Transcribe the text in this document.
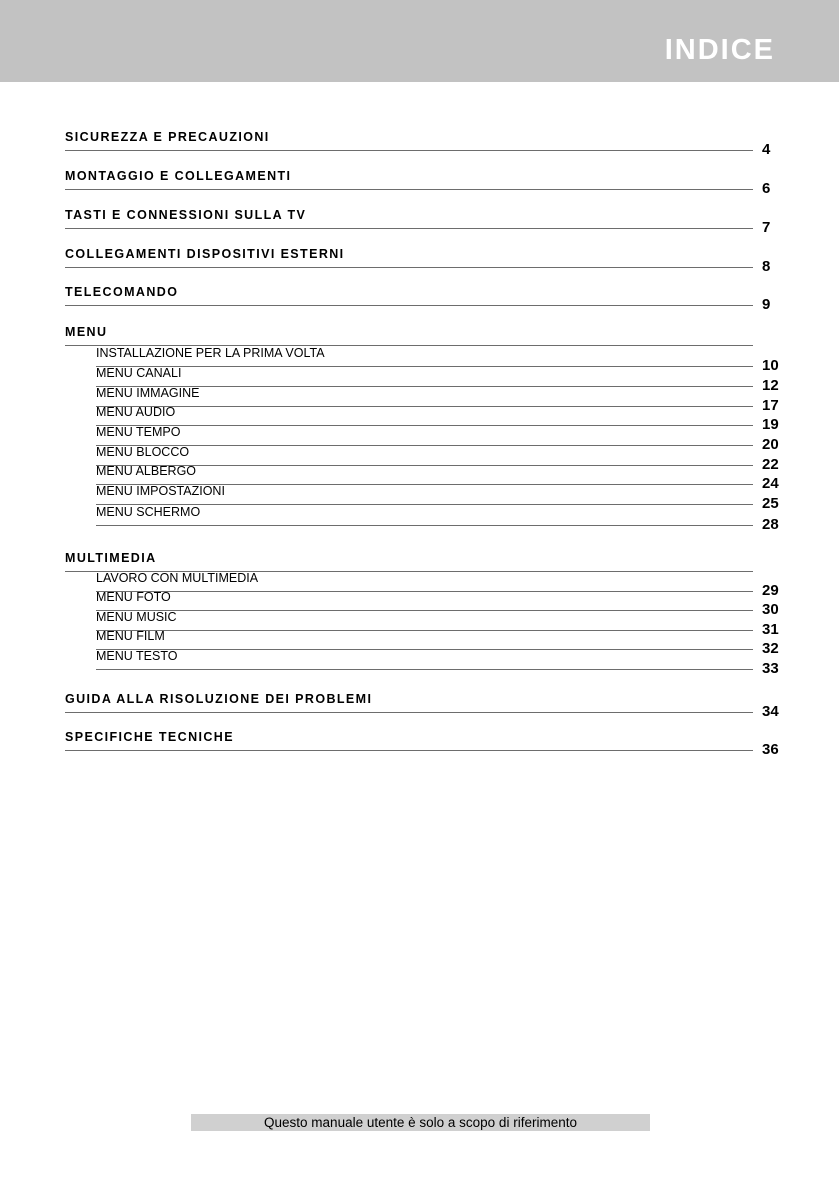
INDICE
SICUREZZA E PRECAUZIONI
4
MONTAGGIO E COLLEGAMENTI
6
TASTI E CONNESSIONI SULLA TV
7
COLLEGAMENTI DISPOSITIVI ESTERNI
8
TELECOMANDO
9
MENU
INSTALLAZIONE PER LA PRIMA VOLTA
10
MENU CANALI
12
MENU IMMAGINE
17
MENU AUDIO
19
MENU TEMPO
20
MENU BLOCCO
22
MENU ALBERGO
24
MENU IMPOSTAZIONI
25
MENU SCHERMO
28
MULTIMEDIA
LAVORO CON MULTIMEDIA
29
MENU FOTO
30
MENU MUSIC
31
MENU FILM
32
MENU TESTO
33
GUIDA ALLA RISOLUZIONE DEI PROBLEMI
34
SPECIFICHE TECNICHE
36
Questo manuale utente è solo a scopo di riferimento
